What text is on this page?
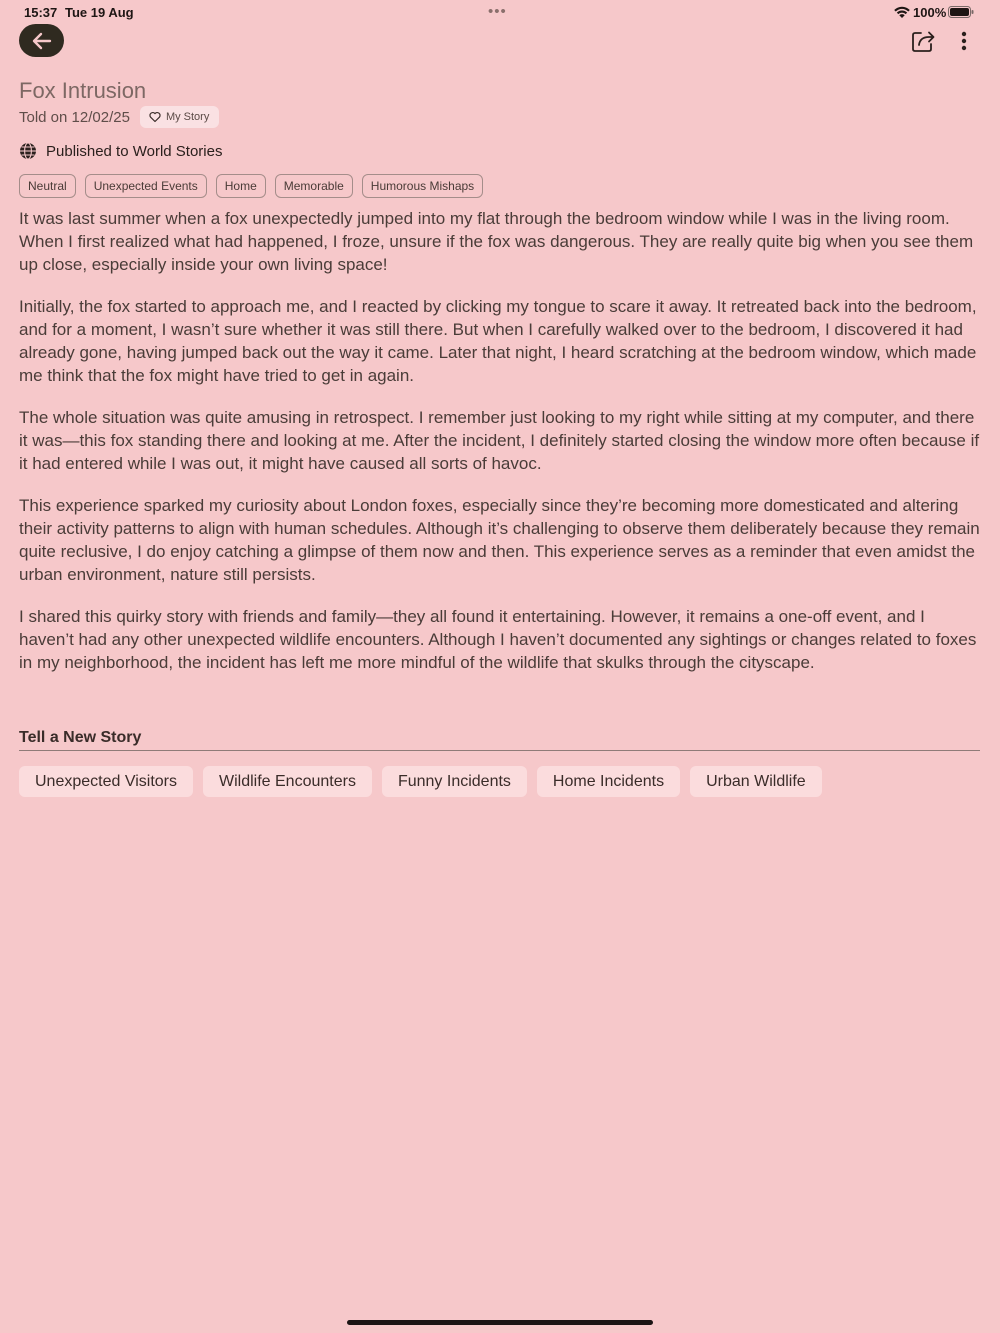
15:37 Tue 19 Aug	•••	100%
Fox Intrusion
Told on 12/02/25	My Story
Published to World Stories
Neutral	Unexpected Events	Home	Memorable	Humorous Mishaps

It was last summer when a fox unexpectedly jumped into my flat through the bedroom window while I was in the living room. When I first realized what had happened, I froze, unsure if the fox was dangerous. They are really quite big when you see them up close, especially inside your own living space!

Initially, the fox started to approach me, and I reacted by clicking my tongue to scare it away. It retreated back into the bedroom, and for a moment, I wasn’t sure whether it was still there. But when I carefully walked over to the bedroom, I discovered it had already gone, having jumped back out the way it came. Later that night, I heard scratching at the bedroom window, which made me think that the fox might have tried to get in again.

The whole situation was quite amusing in retrospect. I remember just looking to my right while sitting at my computer, and there it was—this fox standing there and looking at me. After the incident, I definitely started closing the window more often because if it had entered while I was out, it might have caused all sorts of havoc.

This experience sparked my curiosity about London foxes, especially since they’re becoming more domesticated and altering their activity patterns to align with human schedules. Although it’s challenging to observe them deliberately because they remain quite reclusive, I do enjoy catching a glimpse of them now and then. This experience serves as a reminder that even amidst the urban environment, nature still persists.

I shared this quirky story with friends and family—they all found it entertaining. However, it remains a one-off event, and I haven’t had any other unexpected wildlife encounters. Although I haven’t documented any sightings or changes related to foxes in my neighborhood, the incident has left me more mindful of the wildlife that skulks through the cityscape.

Tell a New Story
Unexpected Visitors	Wildlife Encounters	Funny Incidents	Home Incidents	Urban Wildlife
